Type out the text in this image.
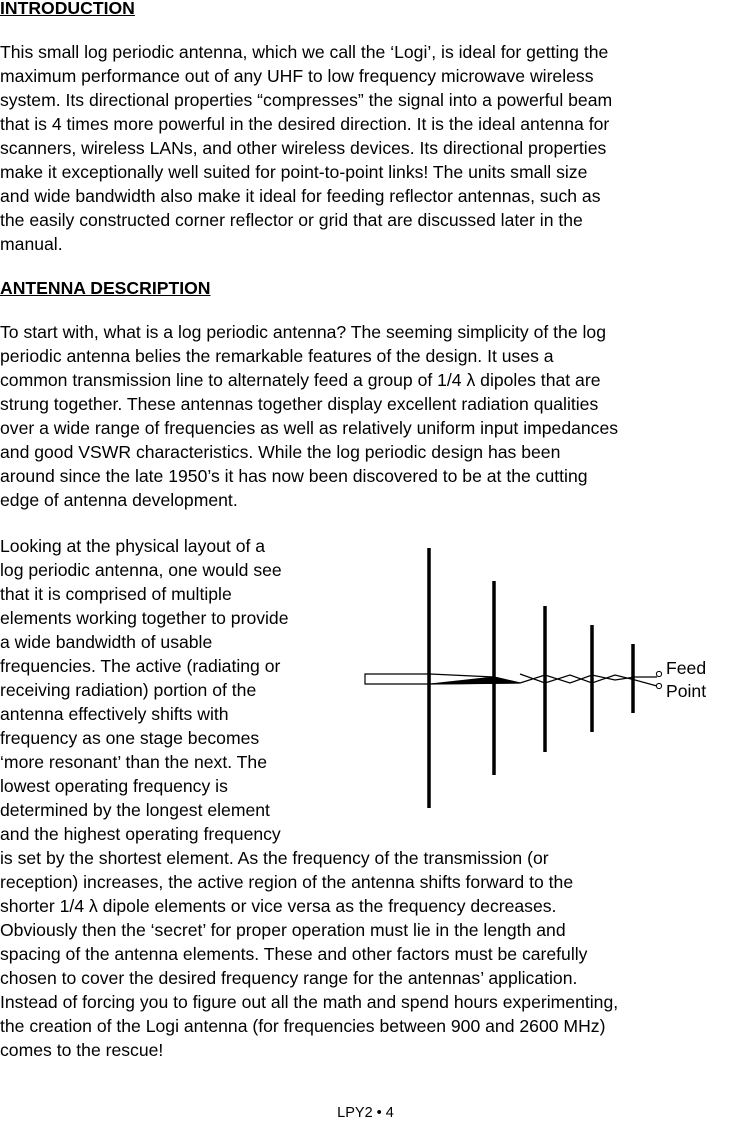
INTRODUCTION

This small log periodic antenna, which we call the ‘Logi’, is ideal for getting the
maximum performance out of any UHF to low frequency microwave wireless
system. Its directional properties “compresses” the signal into a powerful beam
that is 4 times more powerful in the desired direction. It is the ideal antenna for
scanners, wireless LANs, and other wireless devices. Its directional properties
make it exceptionally well suited for point-to-point links! The units small size
and wide bandwidth also make it ideal for feeding reflector antennas, such as
the easily constructed corner reflector or grid that are discussed later in the
manual.

ANTENNA DESCRIPTION

To start with, what is a log periodic antenna? The seeming simplicity of the log
periodic antenna belies the remarkable features of the design. It uses a
common transmission line to alternately feed a group of 1/4 λ dipoles that are
strung together. These antennas together display excellent radiation qualities
over a wide range of frequencies as well as relatively uniform input impedances
and good VSWR characteristics. While the log periodic design has been
around since the late 1950’s it has now been discovered to be at the cutting
edge of antenna development.

Looking at the physical layout of a
log periodic antenna, one would see
that it is comprised of multiple
elements working together to provide
a wide bandwidth of usable
frequencies. The active (radiating or
receiving radiation) portion of the
antenna effectively shifts with
frequency as one stage becomes
‘more resonant’ than the next. The
lowest operating frequency is
determined by the longest element
and the highest operating frequency

Feed
Point

is set by the shortest element. As the frequency of the transmission (or
reception) increases, the active region of the antenna shifts forward to the
shorter 1/4 λ dipole elements or vice versa as the frequency decreases.
Obviously then the ‘secret’ for proper operation must lie in the length and
spacing of the antenna elements. These and other factors must be carefully
chosen to cover the desired frequency range for the antennas’ application.
Instead of forcing you to figure out all the math and spend hours experimenting,
the creation of the Logi antenna (for frequencies between 900 and 2600 MHz)
comes to the rescue!

LPY2 • 4
